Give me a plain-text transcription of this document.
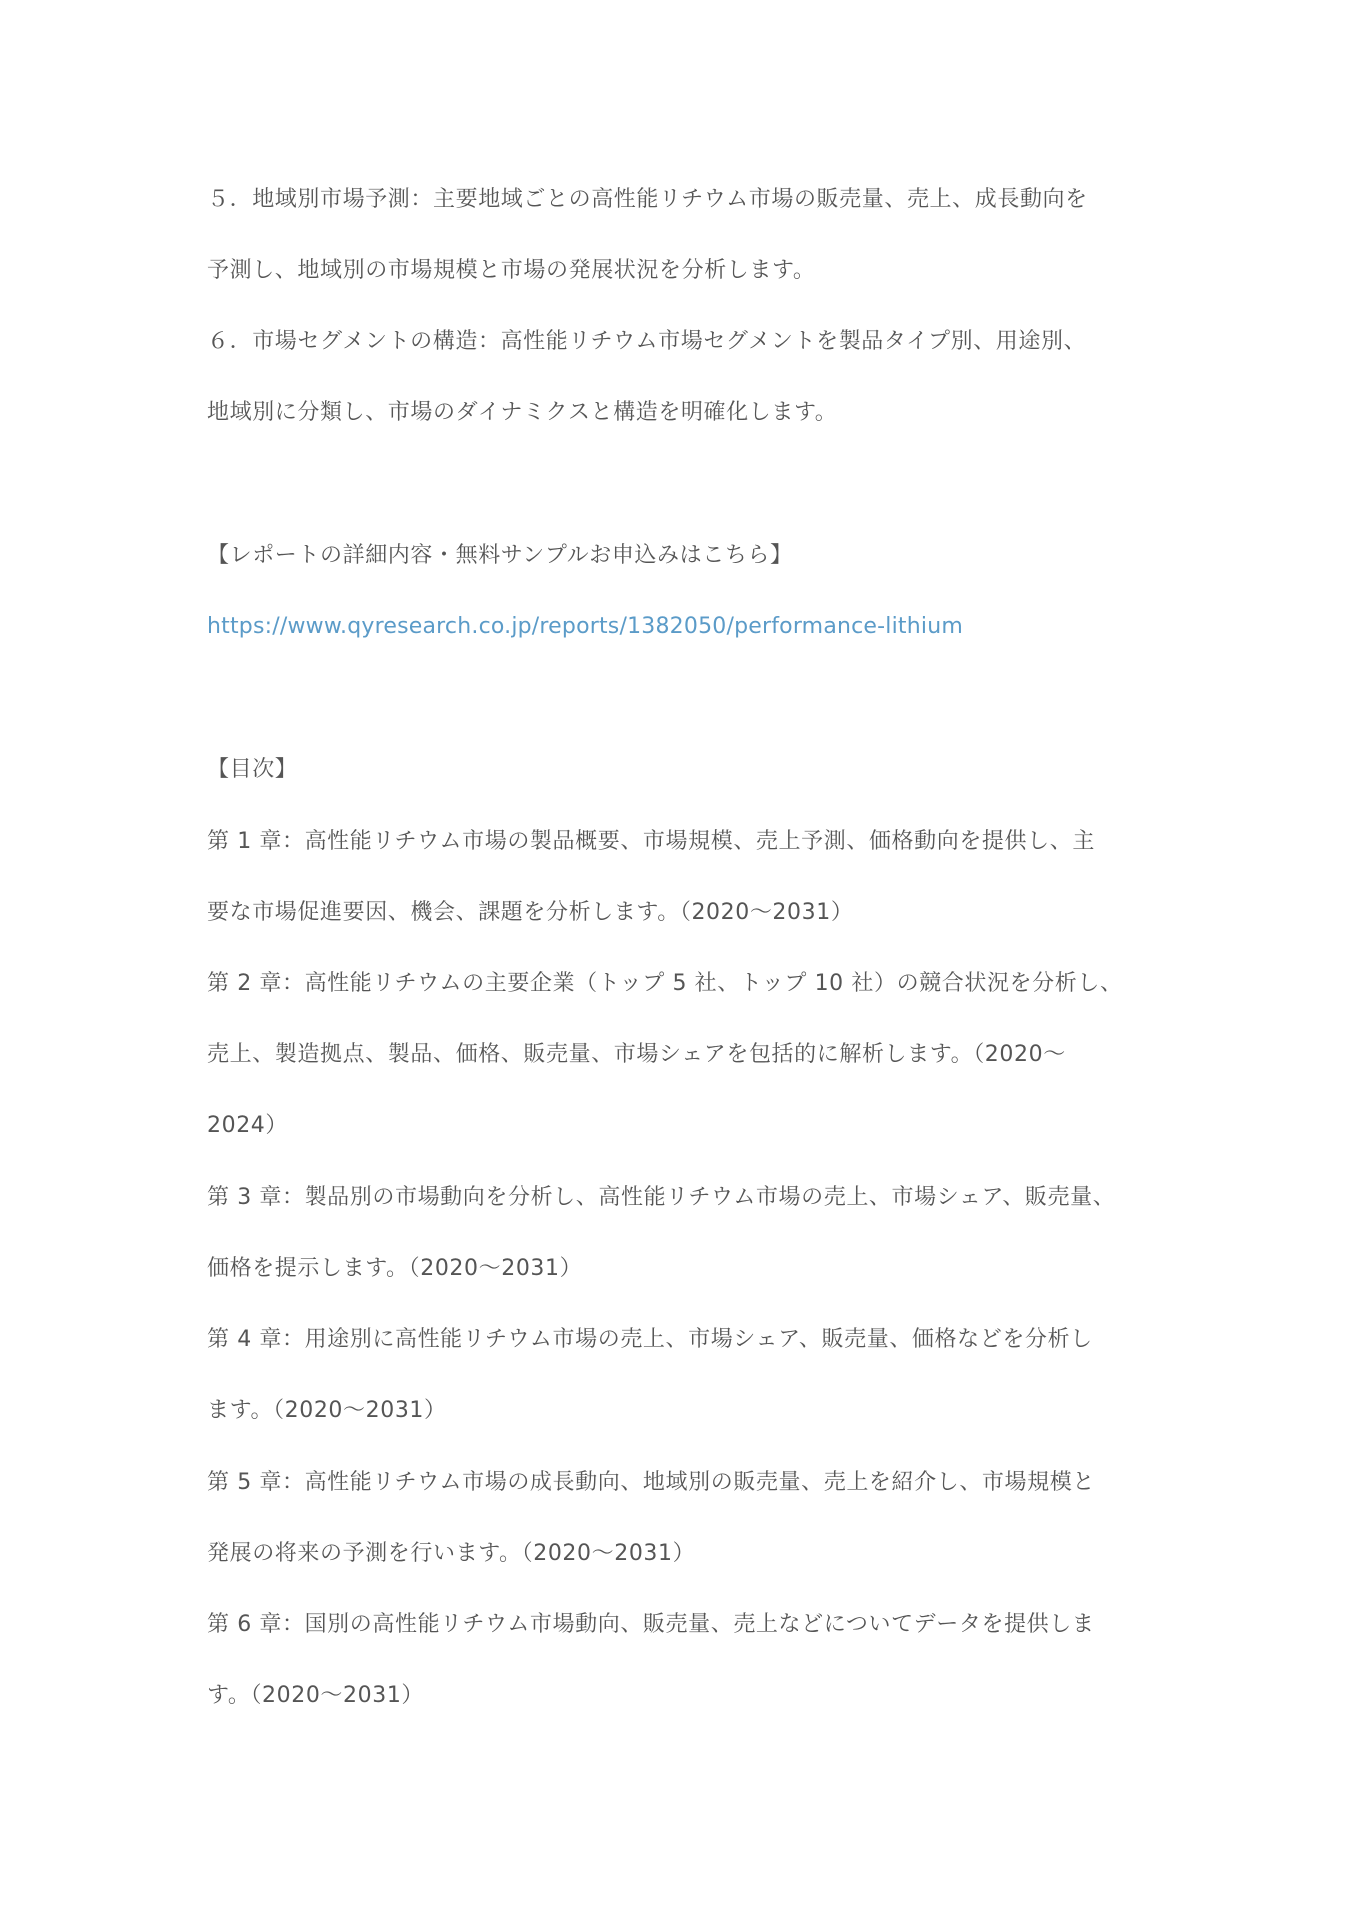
５．地域別市場予測：主要地域ごとの高性能リチウム市場の販売量、売上、成長動向を
予測し、地域別の市場規模と市場の発展状況を分析します。
６．市場セグメントの構造：高性能リチウム市場セグメントを製品タイプ別、用途別、
地域別に分類し、市場のダイナミクスと構造を明確化します。
【レポートの詳細内容・無料サンプルお申込みはこちら】
https://www.qyresearch.co.jp/reports/1382050/performance-lithium
【目次】
第 1 章：高性能リチウム市場の製品概要、市場規模、売上予測、価格動向を提供し、主
要な市場促進要因、機会、課題を分析します。（2020～2031）
第 2 章：高性能リチウムの主要企業（トップ 5 社、トップ 10 社）の競合状況を分析し、
売上、製造拠点、製品、価格、販売量、市場シェアを包括的に解析します。（2020～
2024）
第 3 章：製品別の市場動向を分析し、高性能リチウム市場の売上、市場シェア、販売量、
価格を提示します。（2020～2031）
第 4 章：用途別に高性能リチウム市場の売上、市場シェア、販売量、価格などを分析し
ます。（2020～2031）
第 5 章：高性能リチウム市場の成長動向、地域別の販売量、売上を紹介し、市場規模と
発展の将来の予測を行います。（2020～2031）
第 6 章：国別の高性能リチウム市場動向、販売量、売上などについてデータを提供しま
す。（2020～2031）
